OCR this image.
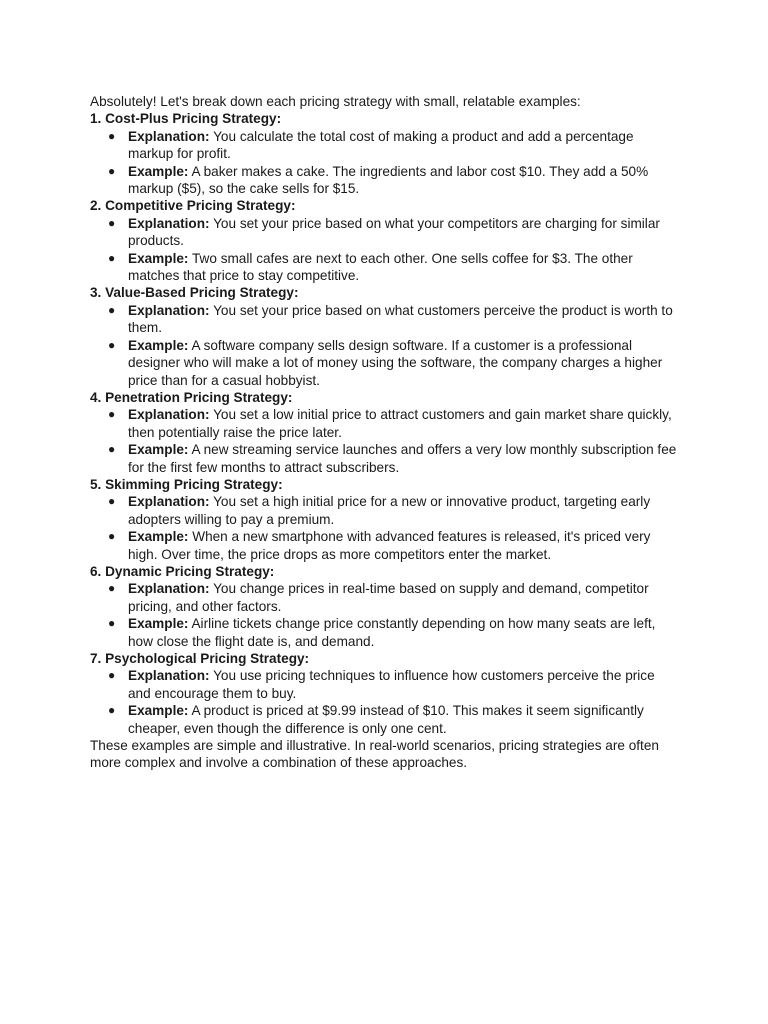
Absolutely! Let's break down each pricing strategy with small, relatable examples:

1. Cost-Plus Pricing Strategy:

● Explanation: You calculate the total cost of making a product and add a percentage markup for profit.
● Example: A baker makes a cake. The ingredients and labor cost $10. They add a 50% markup ($5), so the cake sells for $15.

2. Competitive Pricing Strategy:

● Explanation: You set your price based on what your competitors are charging for similar products.
● Example: Two small cafes are next to each other. One sells coffee for $3. The other matches that price to stay competitive.

3. Value-Based Pricing Strategy:

● Explanation: You set your price based on what customers perceive the product is worth to them.
● Example: A software company sells design software. If a customer is a professional designer who will make a lot of money using the software, the company charges a higher price than for a casual hobbyist.

4. Penetration Pricing Strategy:

● Explanation: You set a low initial price to attract customers and gain market share quickly, then potentially raise the price later.
● Example: A new streaming service launches and offers a very low monthly subscription fee for the first few months to attract subscribers.

5. Skimming Pricing Strategy:

● Explanation: You set a high initial price for a new or innovative product, targeting early adopters willing to pay a premium.
● Example: When a new smartphone with advanced features is released, it's priced very high. Over time, the price drops as more competitors enter the market.

6. Dynamic Pricing Strategy:

● Explanation: You change prices in real-time based on supply and demand, competitor pricing, and other factors.
● Example: Airline tickets change price constantly depending on how many seats are left, how close the flight date is, and demand.

7. Psychological Pricing Strategy:

● Explanation: You use pricing techniques to influence how customers perceive the price and encourage them to buy.
● Example: A product is priced at $9.99 instead of $10. This makes it seem significantly cheaper, even though the difference is only one cent.

These examples are simple and illustrative. In real-world scenarios, pricing strategies are often more complex and involve a combination of these approaches.
